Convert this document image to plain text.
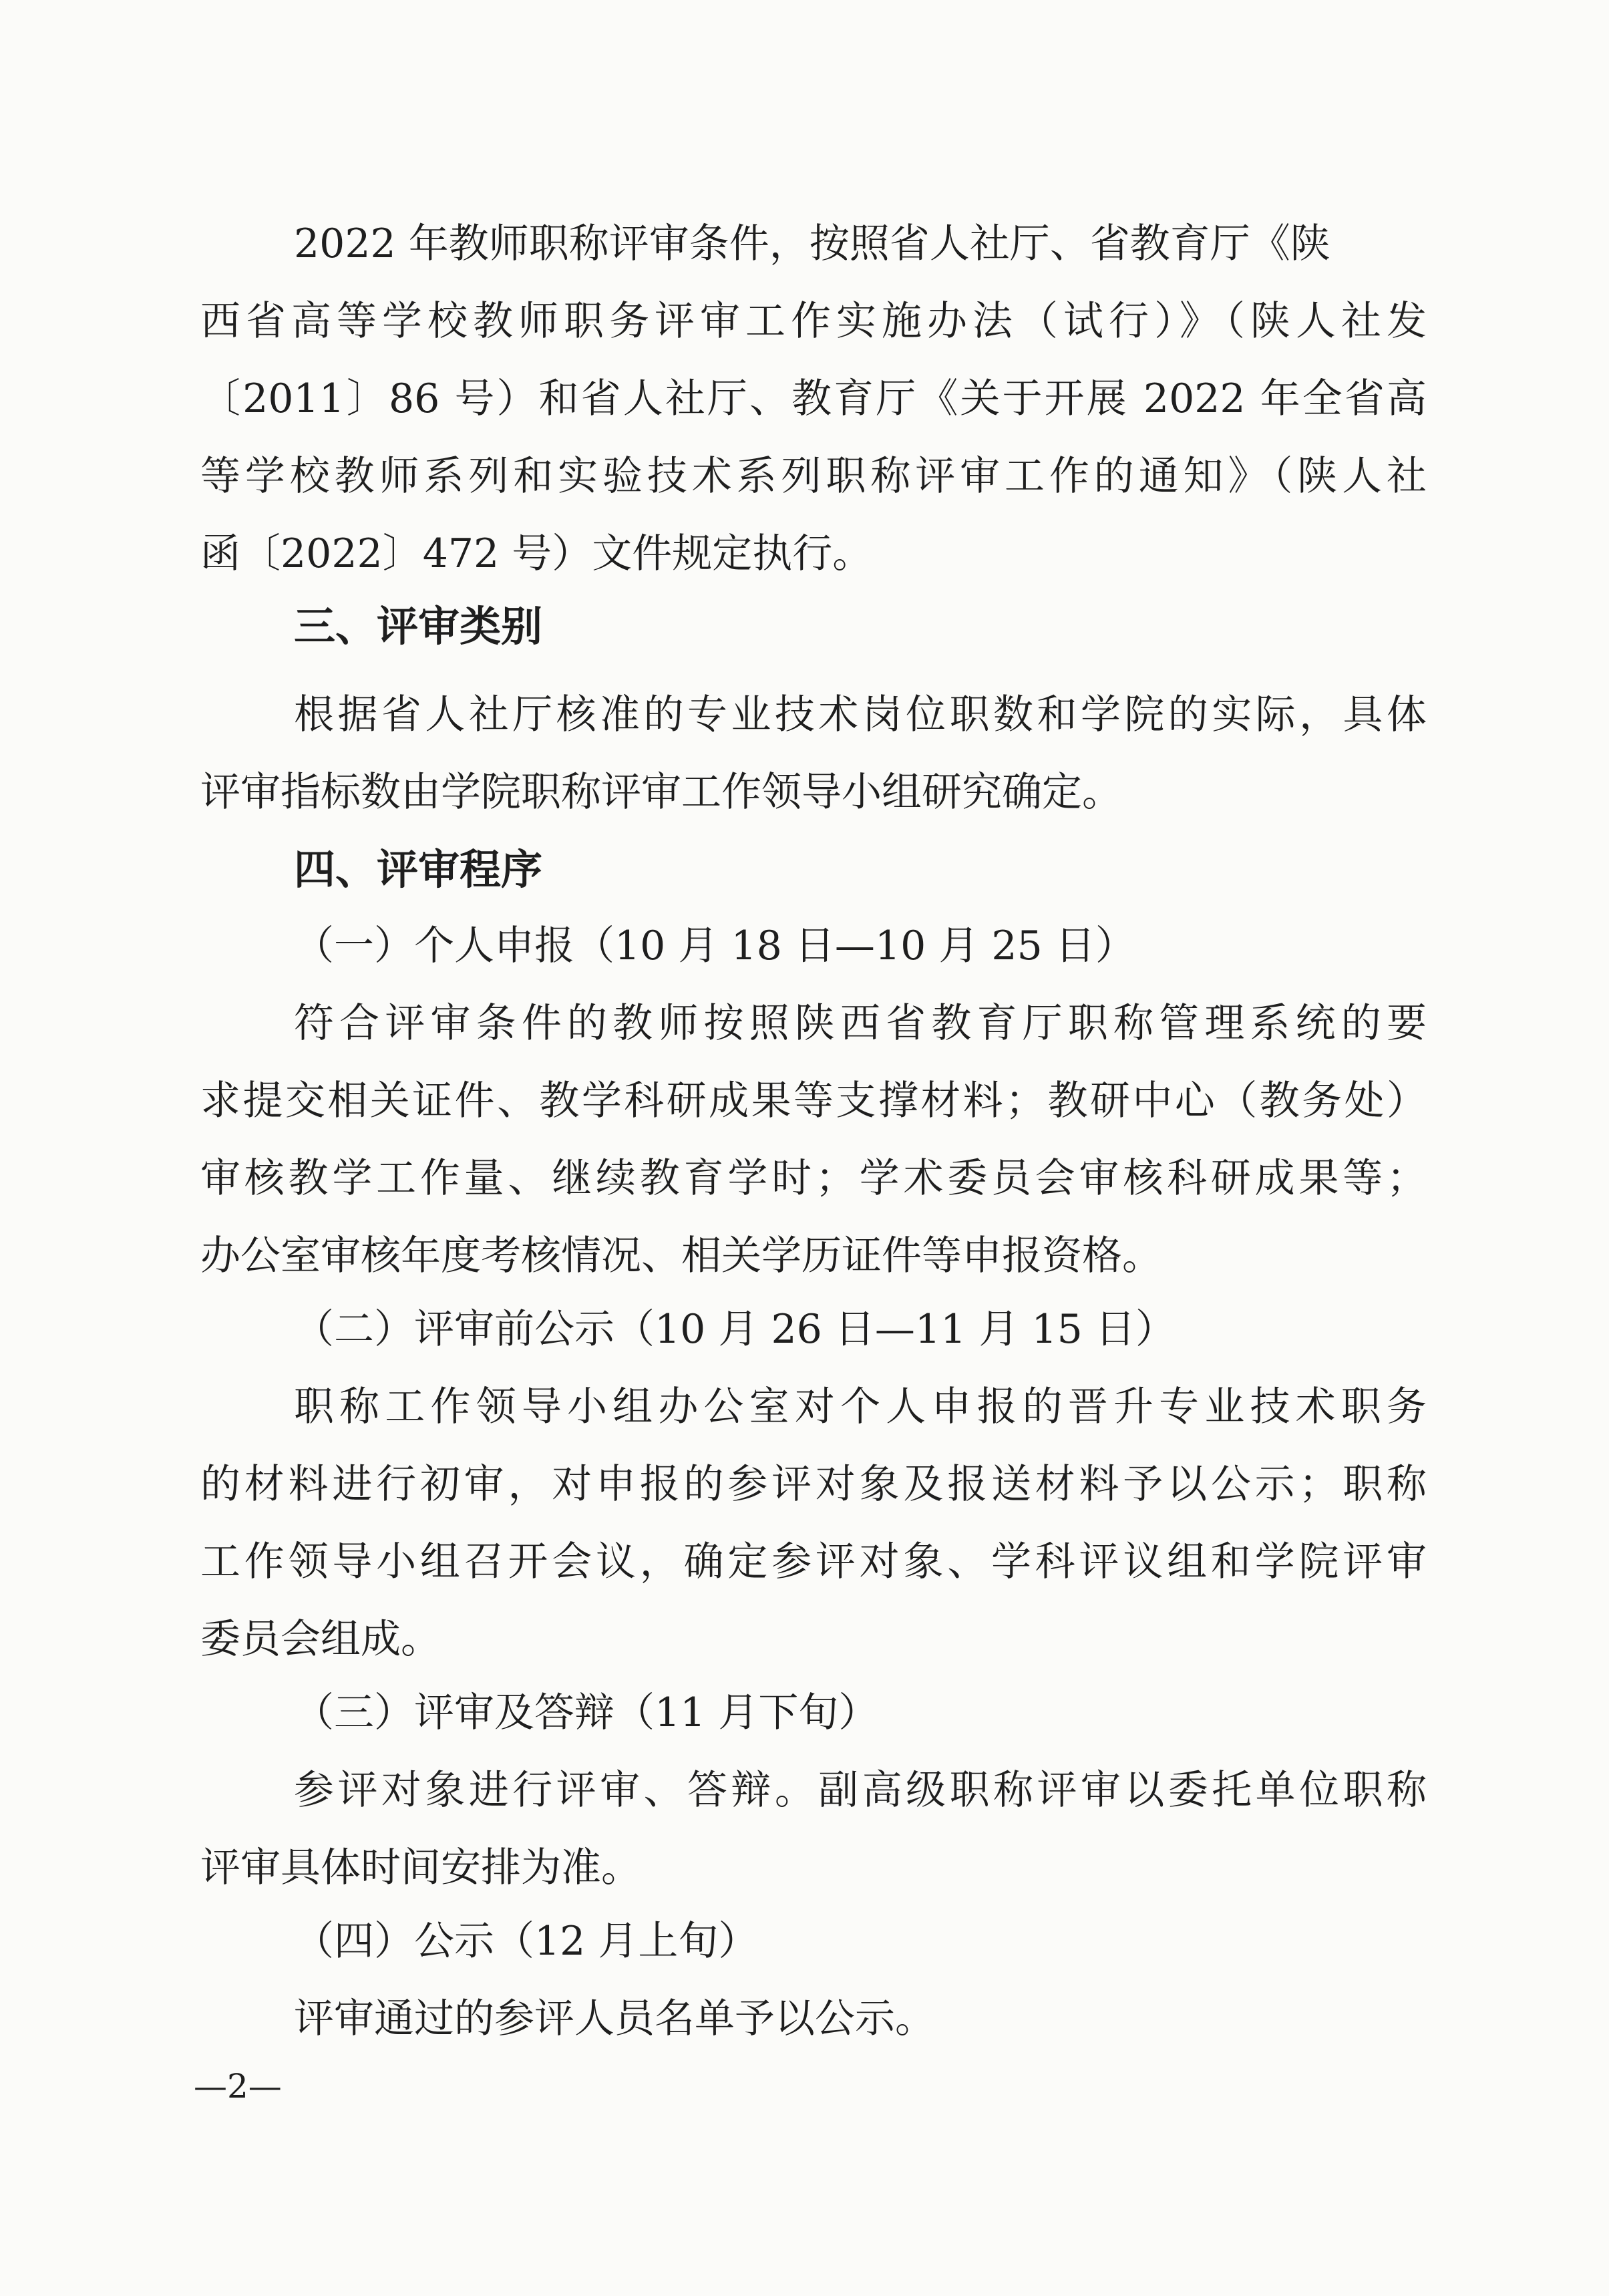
2022 年教师职称评审条件，按照省人社厅、省教育厅《陕
西省高等学校教师职务评审工作实施办法（试行）》（陕人社发
〔2011〕86 号）和省人社厅、教育厅《关于开展 2022 年全省高
等学校教师系列和实验技术系列职称评审工作的通知》（陕人社
函〔2022〕472 号）文件规定执行。
三、评审类别
根据省人社厅核准的专业技术岗位职数和学院的实际，具体
评审指标数由学院职称评审工作领导小组研究确定。
四、评审程序
（一）个人申报（10 月 18 日—10 月 25 日）
符合评审条件的教师按照陕西省教育厅职称管理系统的要
求提交相关证件、教学科研成果等支撑材料；教研中心（教务处）
审核教学工作量、继续教育学时；学术委员会审核科研成果等；
办公室审核年度考核情况、相关学历证件等申报资格。
（二）评审前公示（10 月 26 日—11 月 15 日）
职称工作领导小组办公室对个人申报的晋升专业技术职务
的材料进行初审，对申报的参评对象及报送材料予以公示；职称
工作领导小组召开会议，确定参评对象、学科评议组和学院评审
委员会组成。
（三）评审及答辩（11 月下旬）
参评对象进行评审、答辩。副高级职称评审以委托单位职称
评审具体时间安排为准。
（四）公示（12 月上旬）
评审通过的参评人员名单予以公示。
—2—
